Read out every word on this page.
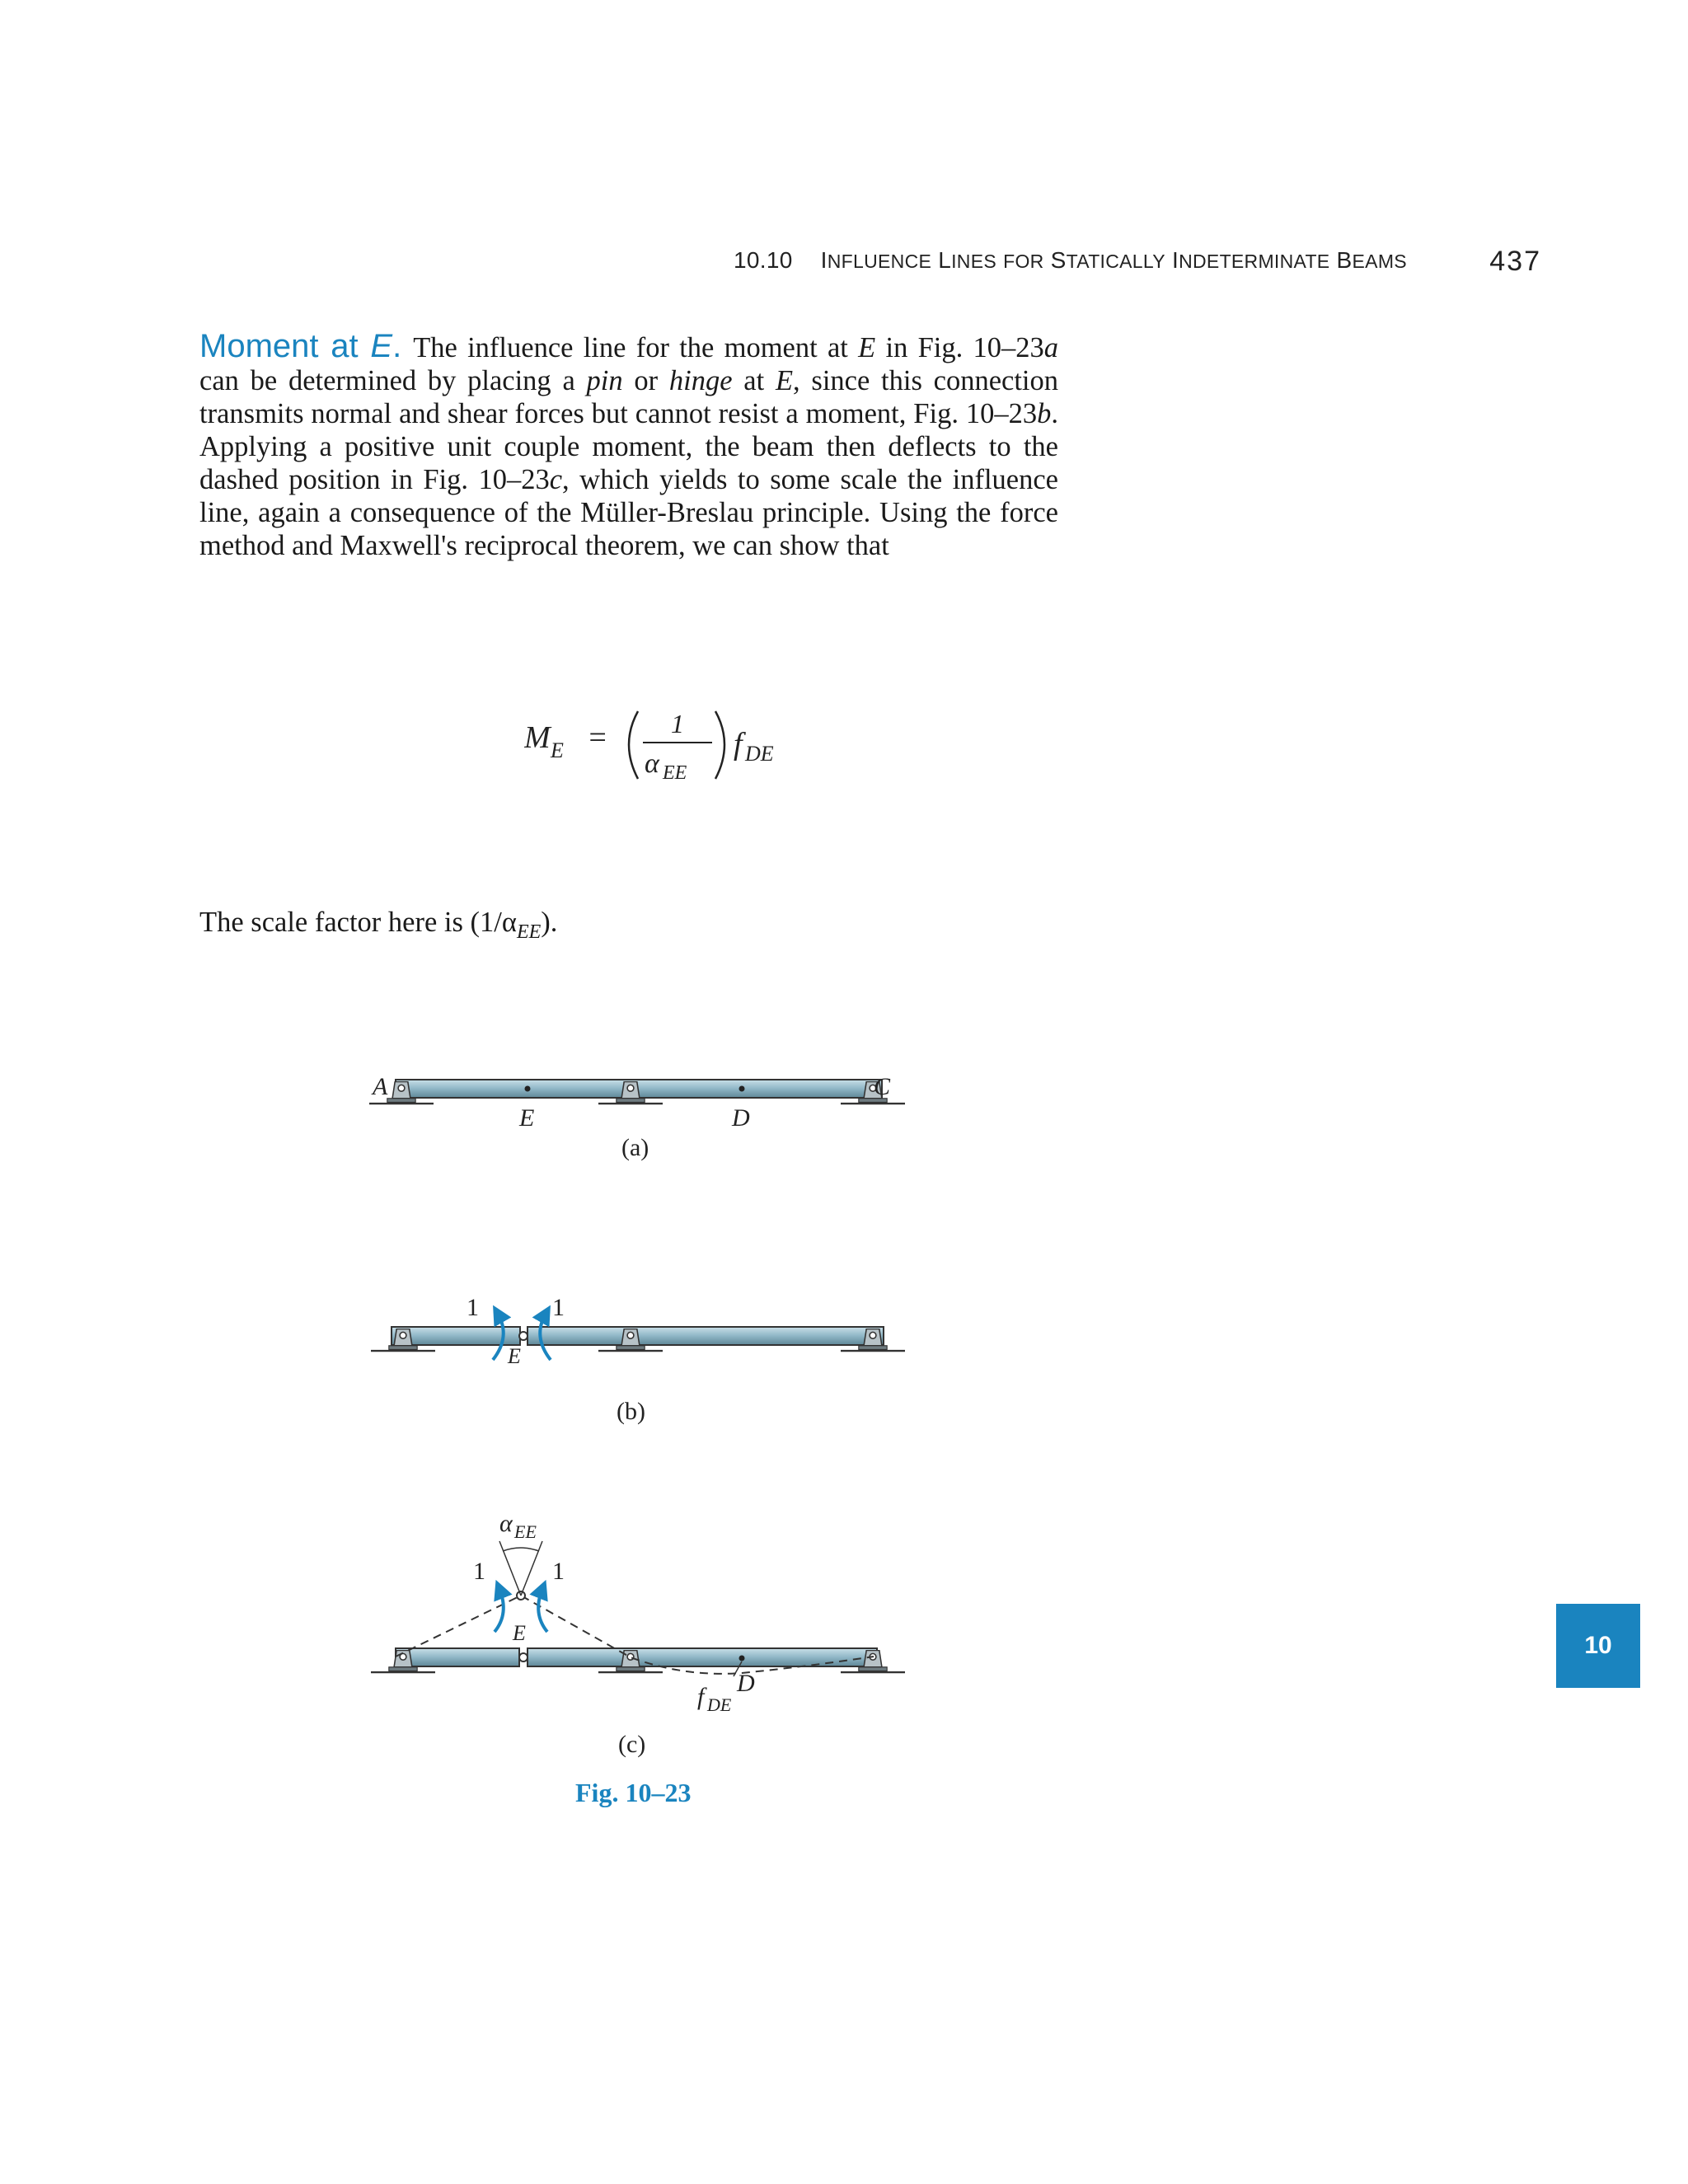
10.10 INFLUENCE LINES FOR STATICALLY INDETERMINATE BEAMS	437
Moment at E. The influence line for the moment at E in Fig. 10–23a can be determined by placing a pin or hinge at E, since this connection transmits normal and shear forces but cannot resist a moment, Fig. 10–23b. Applying a positive unit couple moment, the beam then deflects to the dashed position in Fig. 10–23c, which yields to some scale the influence line, again a consequence of the Müller-Breslau principle. Using the force method and Maxwell's reciprocal theorem, we can show that
M E = 1
α EE
f DE
The scale factor here is $(1/\alpha_{EE})$.
10
A
E	D
C
(a)
1	1
E
(b)
α EE
1	1
E
D
f DE
(c)
Fig. 10–23
